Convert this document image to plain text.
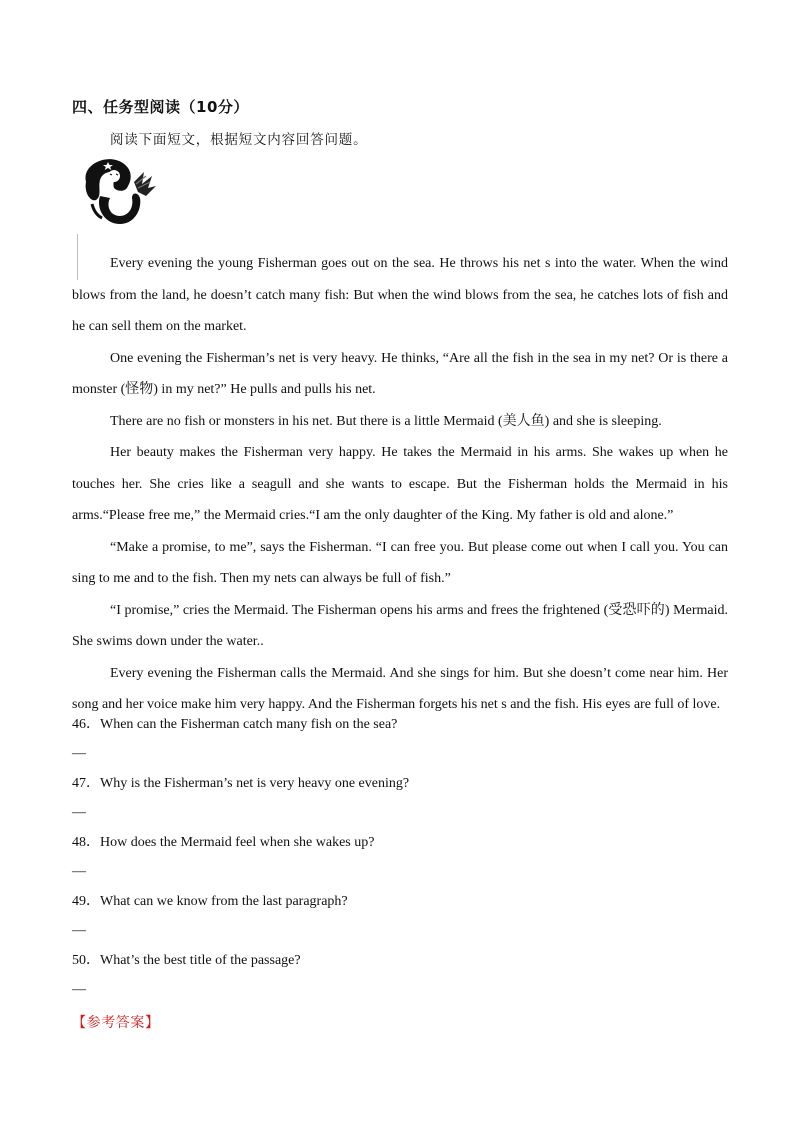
四、任务型阅读（10分）
阅读下面短文，根据短文内容回答问题。

Every evening the young Fisherman goes out on the sea. He throws his net s into the water. When the wind blows from the land, he doesn’t catch many fish: But when the wind blows from the sea, he catches lots of fish and he can sell them on the market.

One evening the Fisherman’s net is very heavy. He thinks, “Are all the fish in the sea in my net? Or is there a monster (怪物) in my net?” He pulls and pulls his net.

There are no fish or monsters in his net. But there is a little Mermaid (美人鱼) and she is sleeping.

Her beauty makes the Fisherman very happy. He takes the Mermaid in his arms. She wakes up when he touches her. She cries like a seagull and she wants to escape. But the Fisherman holds the Mermaid in his arms.“Please free me,” the Mermaid cries.“I am the only daughter of the King. My father is old and alone.”

“Make a promise, to me”, says the Fisherman. “I can free you. But please come out when I call you. You can sing to me and to the fish. Then my nets can always be full of fish.”

“I promise,” cries the Mermaid. The Fisherman opens his arms and frees the frightened (受恐吓的) Mermaid. She swims down under the water..

Every evening the Fisherman calls the Mermaid. And she sings for him. But she doesn’t come near him. Her song and her voice make him very happy. And the Fisherman forgets his net s and the fish. His eyes are full of love.

46．When can the Fisherman catch many fish on the sea?
—
47．Why is the Fisherman’s net is very heavy one evening?
—
48．How does the Mermaid feel when she wakes up?
—
49．What can we know from the last paragraph?
—
50．What’s the best title of the passage?
—
【参考答案】
